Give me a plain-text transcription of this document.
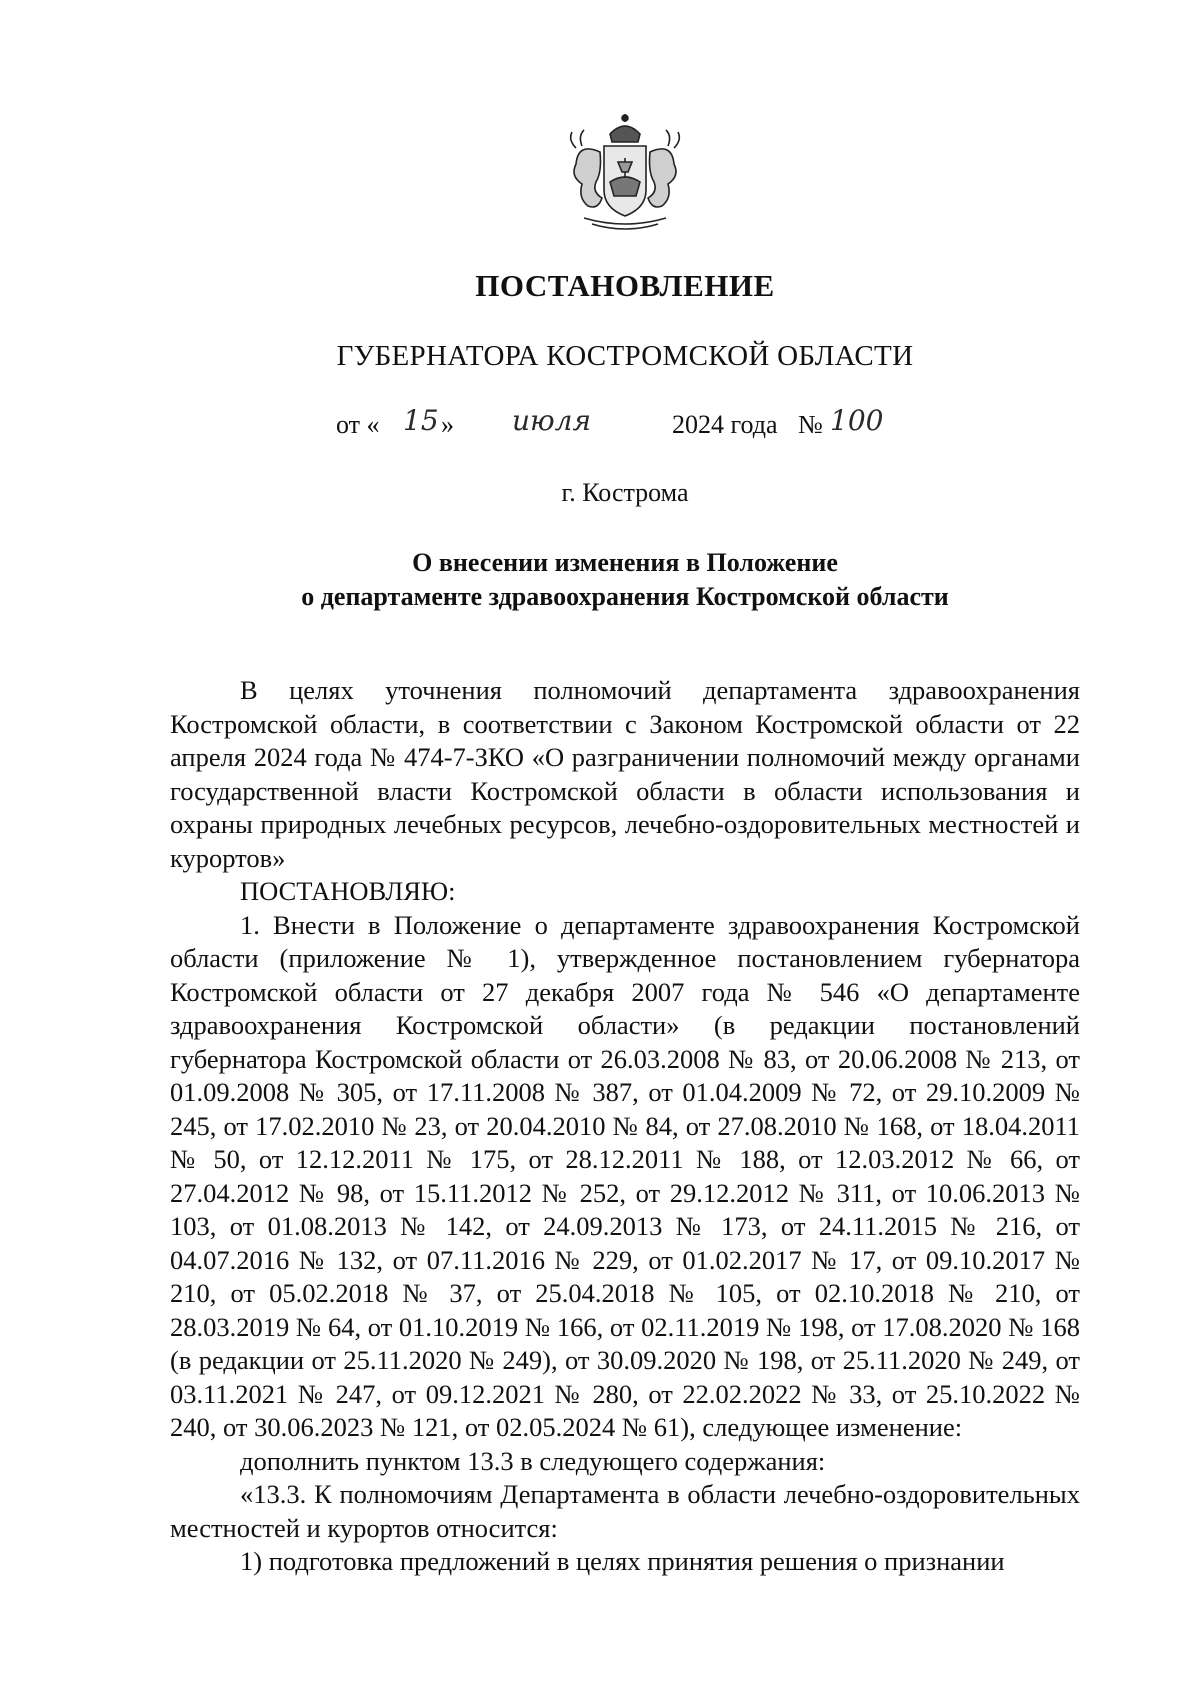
ПОСТАНОВЛЕНИЕ
ГУБЕРНАТОРА КОСТРОМСКОЙ ОБЛАСТИ
от « 15 » июля	2024 года № 100
г. Кострома
О внесении изменения в Положение
о департаменте здравоохранения Костромской области

В целях уточнения полномочий департамента здравоохранения Костромской области, в соответствии с Законом Костромской области от 22 апреля 2024 года № 474-7-ЗКО «О разграничении полномочий между органами государственной власти Костромской области в области использования и охраны природных лечебных ресурсов, лечебно-оздоровительных местностей и курортов»

ПОСТАНОВЛЯЮ:

1. Внести в Положение о департаменте здравоохранения Костромской области (приложение № 1), утвержденное постановлением губернатора Костромской области от 27 декабря 2007 года № 546 «О департаменте здравоохранения Костромской области» (в редакции постановлений губернатора Костромской области от 26.03.2008 № 83, от 20.06.2008 № 213, от 01.09.2008 № 305, от 17.11.2008 № 387, от 01.04.2009 № 72, от 29.10.2009 № 245, от 17.02.2010 № 23, от 20.04.2010 № 84, от 27.08.2010 № 168, от 18.04.2011 № 50, от 12.12.2011 № 175, от 28.12.2011 № 188, от 12.03.2012 № 66, от 27.04.2012 № 98, от 15.11.2012 № 252, от 29.12.2012 № 311, от 10.06.2013 № 103, от 01.08.2013 № 142, от 24.09.2013 № 173, от 24.11.2015 № 216, от 04.07.2016 № 132, от 07.11.2016 № 229, от 01.02.2017 № 17, от 09.10.2017 № 210, от 05.02.2018 № 37, от 25.04.2018 № 105, от 02.10.2018 № 210, от 28.03.2019 № 64, от 01.10.2019 № 166, от 02.11.2019 № 198, от 17.08.2020 № 168 (в редакции от 25.11.2020 № 249), от 30.09.2020 № 198, от 25.11.2020 № 249, от 03.11.2021 № 247, от 09.12.2021 № 280, от 22.02.2022 № 33, от 25.10.2022 № 240, от 30.06.2023 № 121, от 02.05.2024 № 61), следующее изменение:

дополнить пунктом 13.3 в следующего содержания:

«13.3. К полномочиям Департамента в области лечебно-оздоровительных местностей и курортов относится:

1) подготовка предложений в целях принятия решения о признании
